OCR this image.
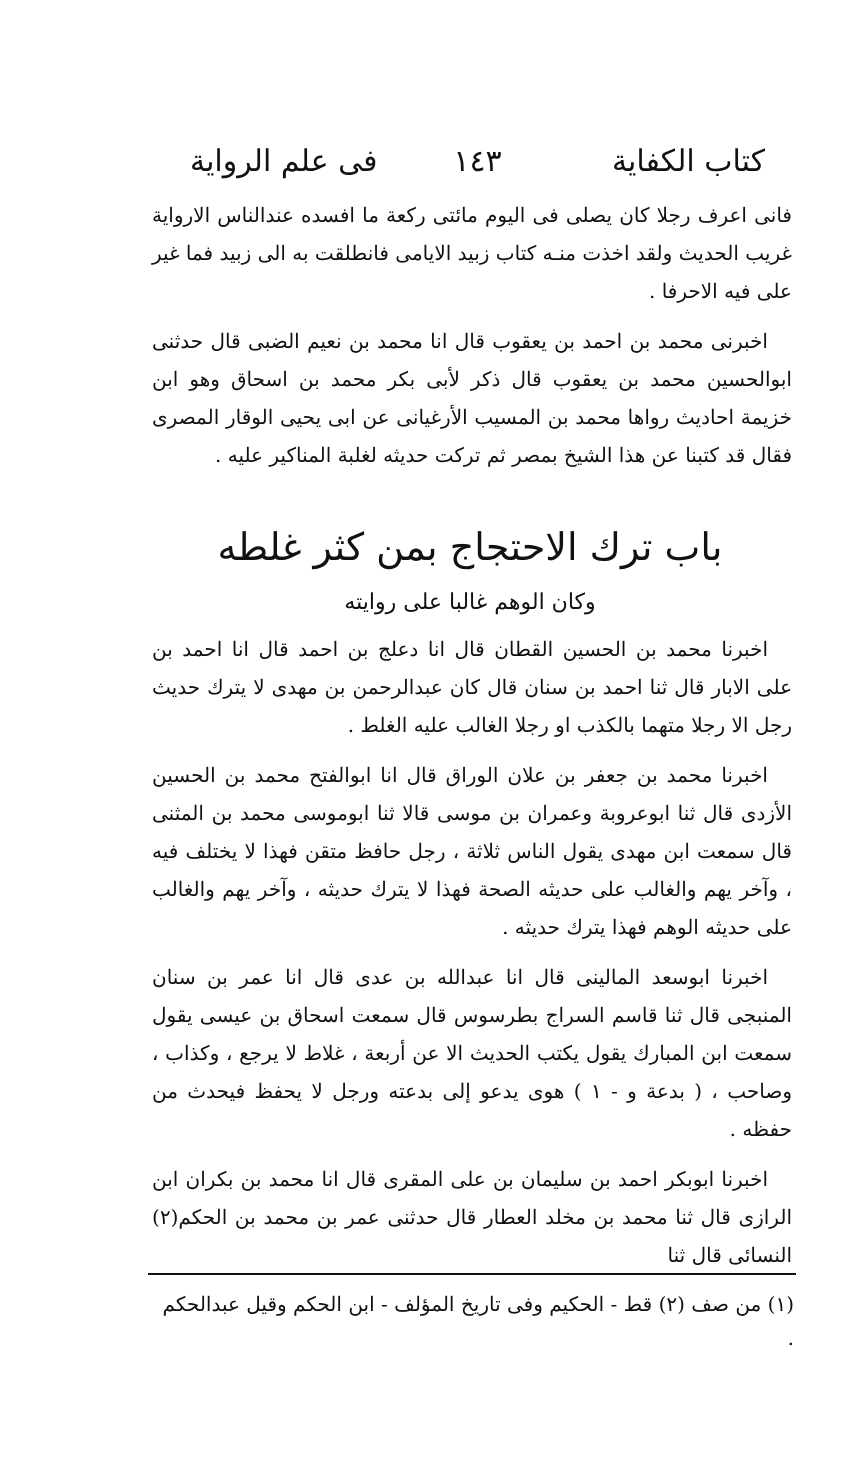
كتاب الكفاية
١٤٣
فى علم الرواية

فانى اعرف رجلا كان يصلى فى اليوم مائتى ركعة ما افسده عندالناس الارواية غريب الحديث ولقد اخذت منـه كتاب زبيد الايامى فانطلقت به الى زبيد فما غير على فيه الاحرفا .

اخبرنى محمد بن احمد بن يعقوب قال انا محمد بن نعيم الضبى قال حدثنى ابوالحسين محمد بن يعقوب قال ذكر لأبى بكر محمد بن اسحاق وهو ابن خزيمة احاديث رواها محمد بن المسيب الأرغيانى عن ابى يحيى الوقار المصرى فقال قد كتبنا عن هذا الشيخ بمصر ثم تركت حديثه لغلبة المناكير عليه .

باب ترك الاحتجاج بمن كثر غلطه
وكان الوهم غالبا على روايته

اخبرنا محمد بن الحسين القطان قال انا دعلج بن احمد قال انا احمد بن على الابار قال ثنا احمد بن سنان قال كان عبدالرحمن بن مهدى لا يترك حديث رجل الا رجلا متهما بالكذب او رجلا الغالب عليه الغلط .

اخبرنا محمد بن جعفر بن علان الوراق قال انا ابوالفتح محمد بن الحسين الأزدى قال ثنا ابوعروبة وعمران بن موسى قالا ثنا ابوموسى محمد بن المثنى قال سمعت ابن مهدى يقول الناس ثلاثة ، رجل حافظ متقن فهذا لا يختلف فيه ، وآخر يهم والغالب على حديثه الصحة فهذا لا يترك حديثه ، وآخر يهم والغالب على حديثه الوهم فهذا يترك حديثه .

اخبرنا ابوسعد المالينى قال انا عبدالله بن عدى قال انا عمر بن سنان المنبجى قال ثنا قاسم السراج بطرسوس قال سمعت اسحاق بن عيسى يقول سمعت ابن المبارك يقول يكتب الحديث الا عن أربعة ، غلاط لا يرجع ، وكذاب ، وصاحب ، ( بدعة و - ١ ) هوى يدعو إلى بدعته ورجل لا يحفظ فيحدث من حفظه .

اخبرنا ابوبكر احمد بن سليمان بن على المقرى قال انا محمد بن بكران ابن الرازى قال ثنا محمد بن مخلد العطار قال حدثنى عمر بن محمد بن الحكم(٢) النسائى قال ثنا

(١) من صف (٢) قط - الحكيم وفى تاريخ المؤلف - ابن الحكم وقيل عبدالحكم .
